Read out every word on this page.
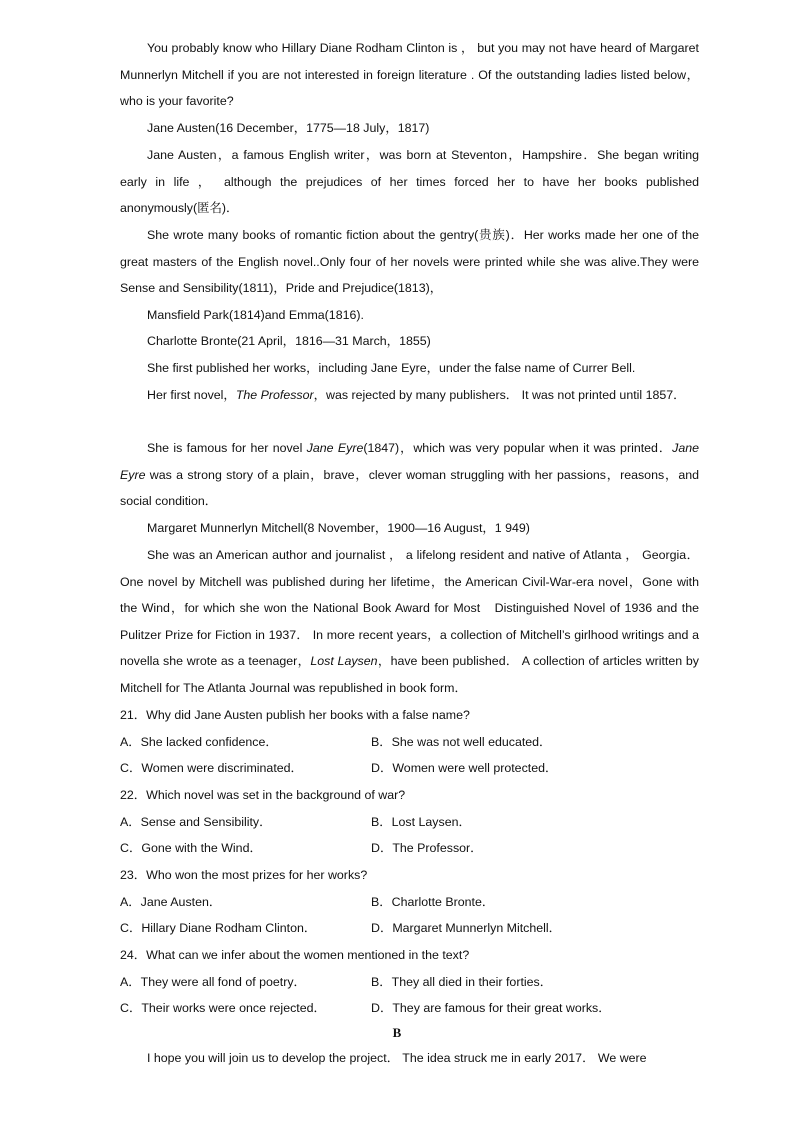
You probably know who Hillary Diane Rodham Clinton is ， but you may not have heard of Margaret Munnerlyn Mitchell if you are not interested in foreign literature . Of the outstanding ladies listed below，who is your favorite?

Jane Austen(16 December，1775—18 July，1817)

Jane Austen，a famous English writer，was born at Steventon，Hampshire．She began writing early in life ， although the prejudices of her times forced her to have her books published anonymously(匿名)．

She wrote many books of romantic fiction about the gentry(贵族)．Her works made her one of the great masters of the English novel..Only four of her novels were printed while she was alive.They were Sense and Sensibility(1811)，Pride and Prejudice(1813)，

Mansfield Park(1814)and Emma(1816).
Charlotte Bronte(21 April，1816—31 March，1855)
She first published her works，including Jane Eyre，under the false name of Currer Bell.

Her first novel，The Professor，was rejected by many publishers． It was not printed until 1857．

She is famous for her novel Jane Eyre(1847)，which was very popular when it was printed．Jane Eyre was a strong story of a plain，brave，clever woman struggling with her passions，reasons，and social condition．

Margaret Munnerlyn Mitchell(8 November，1900—16 August，1 949)

She was an American author and journalist ， a lifelong resident and native of Atlanta ， Georgia．One novel by Mitchell was published during her lifetime，the American Civil-War-era novel，Gone with the Wind，for which she won the National Book Award for Most　Distinguished Novel of 1936 and the Pulitzer Prize for Fiction in 1937． In more recent years，a collection of Mitchell’s girlhood writings and a novella she wrote as a teenager，Lost Laysen，have been published． A collection of articles written by Mitchell for The Atlanta Journal was republished in book form．

21．Why did Jane Austen publish her books with a false name?
A．She lacked confidence．	B．She was not well educated．
C．Women were discriminated．	D．Women were well protected．
22．Which novel was set in the background of war?
A．Sense and Sensibility．	B．Lost Laysen．
C．Gone with the Wind．	D．The Professor．
23．Who won the most prizes for her works?
A．Jane Austen．	B．Charlotte Bronte．
C．Hillary Diane Rodham Clinton．	D．Margaret Munnerlyn Mitchell．
24．What can we infer about the women mentioned in the text?
A．They were all fond of poetry．	B．They all died in their forties．
C．Their works were once rejected．	D．They are famous for their great works．
B

I hope you will join us to develop the project． The idea struck me in early 2017． We were
